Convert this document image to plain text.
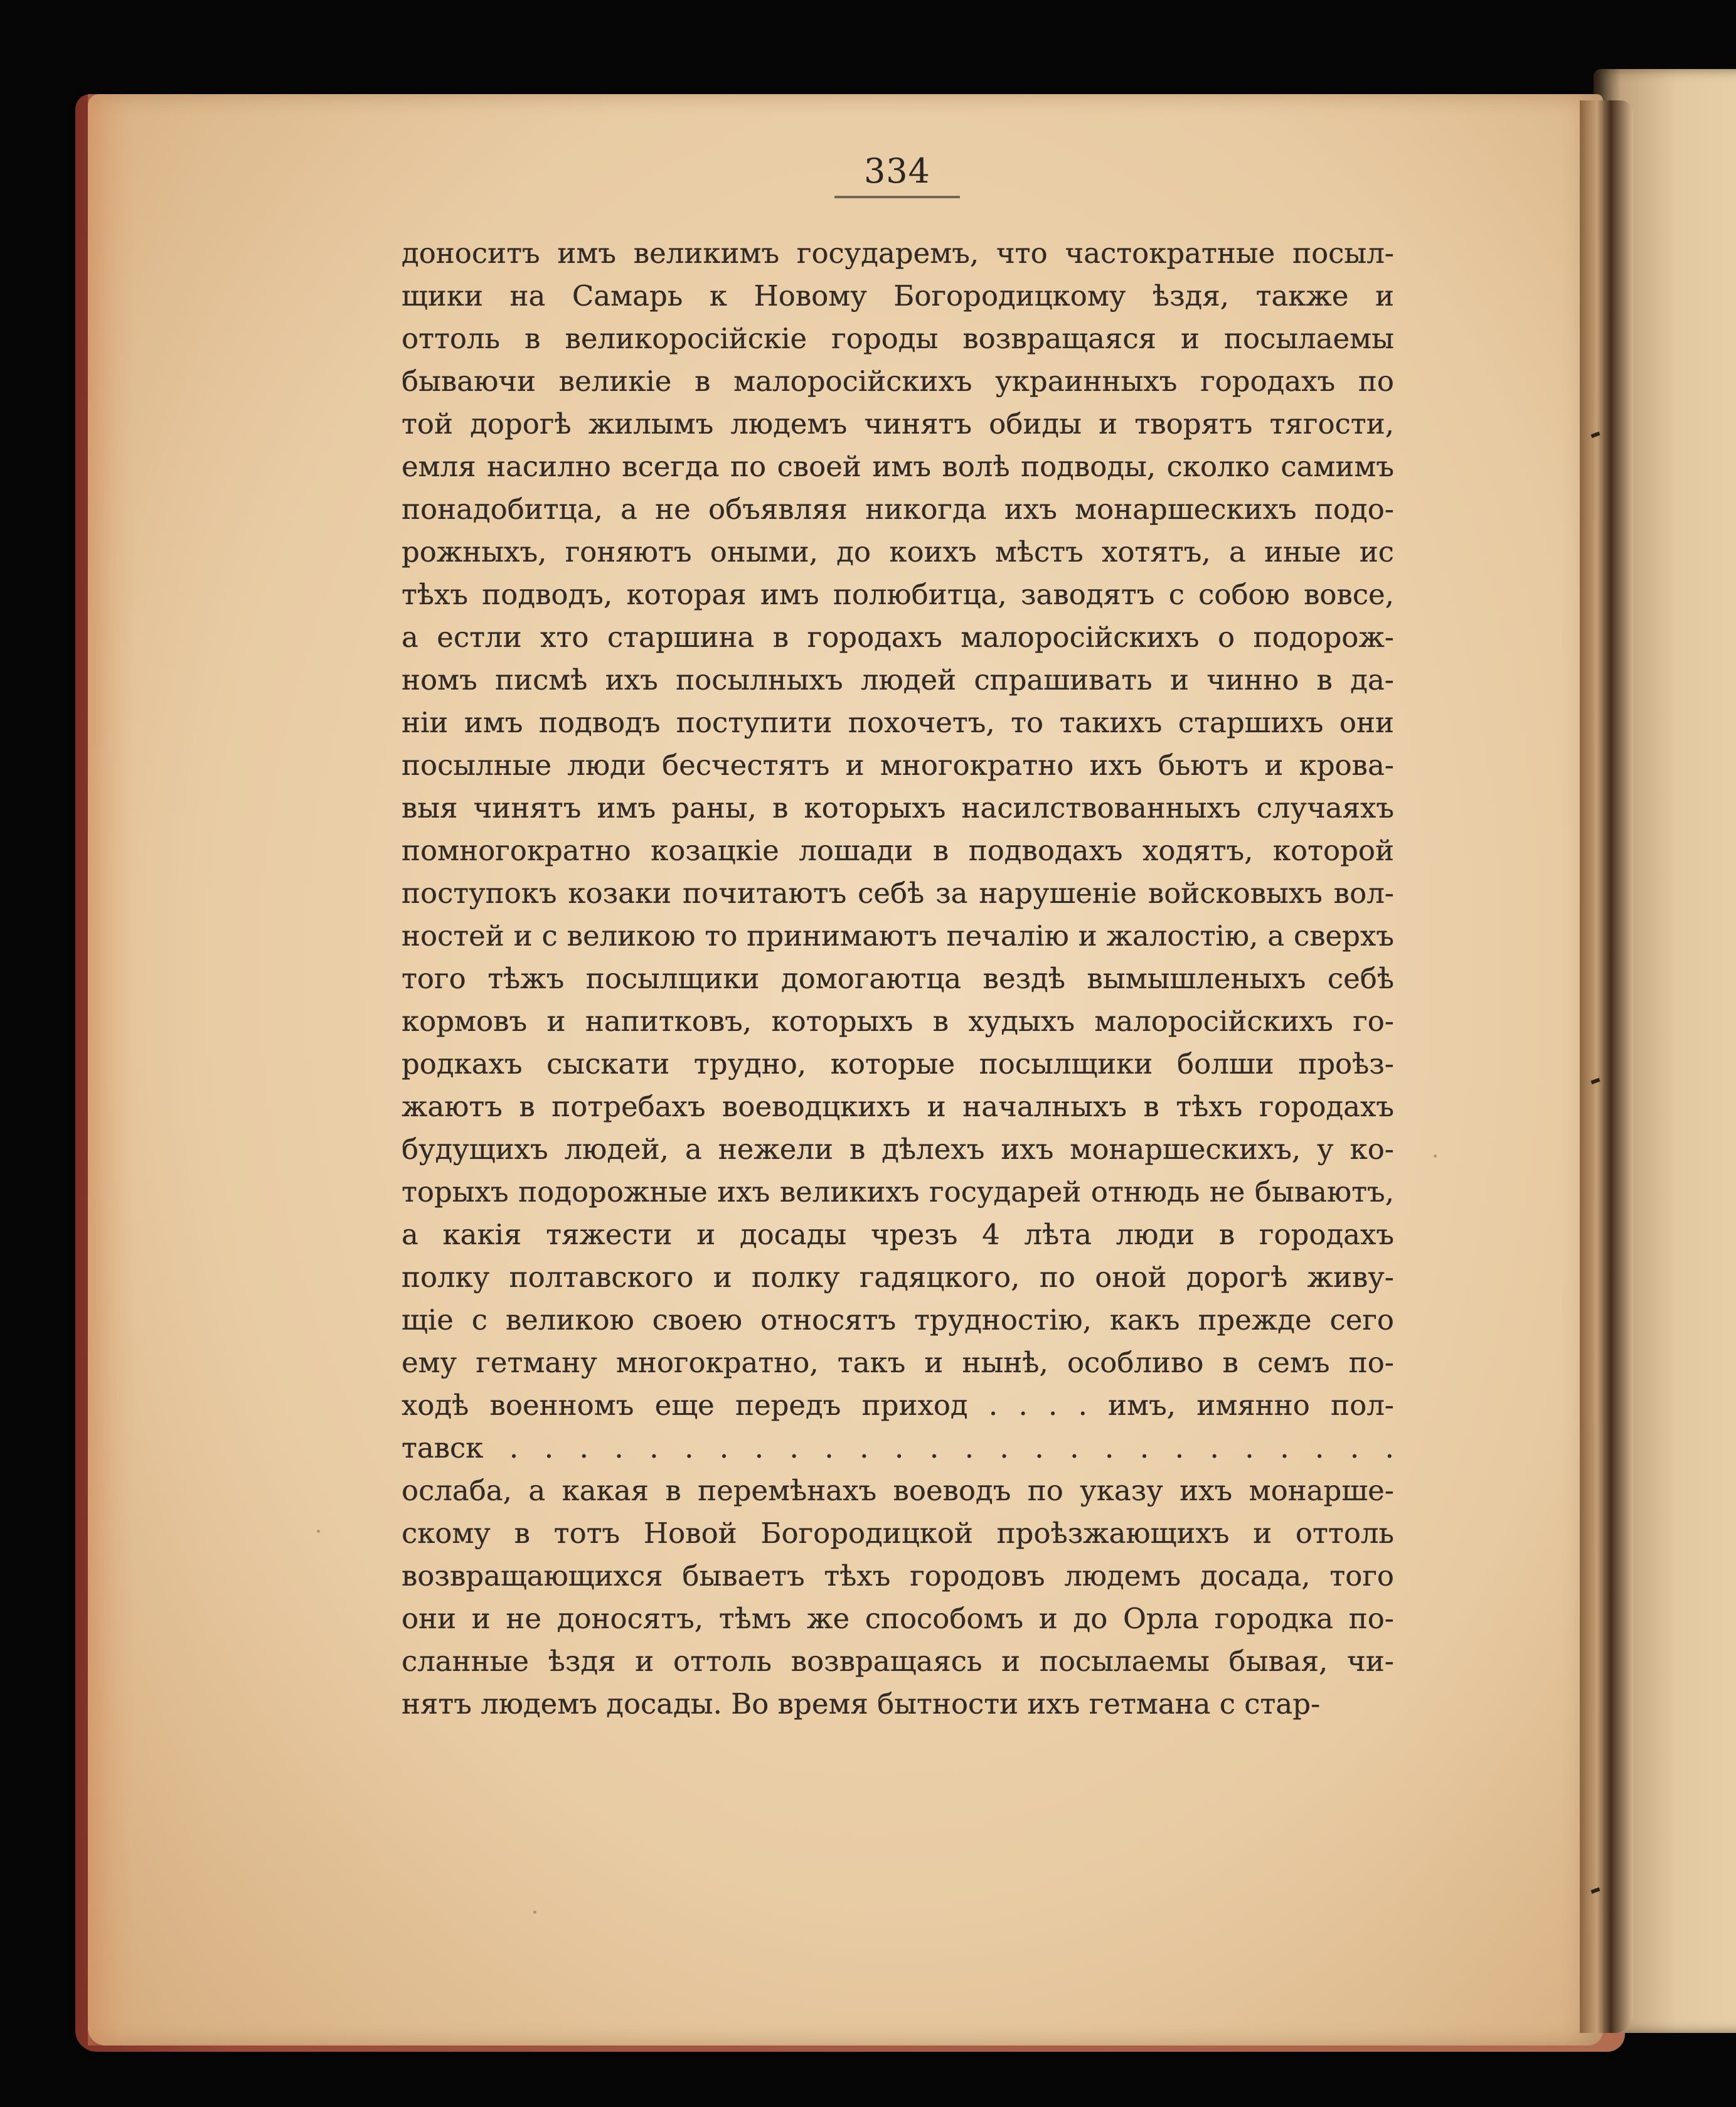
334
доноситъ имъ великимъ государемъ, что частократные посыл-
щики на Самарь к Новому Богородицкому ѣздя, также и
оттоль в великоросійскіе городы возвращаяся и посылаемы
бываючи великіе в малоросійскихъ украинныхъ городахъ по
той дорогѣ жилымъ людемъ чинятъ обиды и творятъ тягости,
емля насилно всегда по своей имъ волѣ подводы, сколко самимъ
понадобитца, а не объявляя никогда ихъ монаршескихъ подо-
рожныхъ, гоняютъ оными, до коихъ мѣстъ хотятъ, а иные ис
тѣхъ подводъ, которая имъ полюбитца, заводятъ с собою вовсе,
а естли хто старшина в городахъ малоросійскихъ о подорож-
номъ писмѣ ихъ посылныхъ людей спрашивать и чинно в да-
ніи имъ подводъ поступити похочетъ, то такихъ старшихъ они
посылные люди бесчестятъ и многократно ихъ бьютъ и крова-
выя чинятъ имъ раны, в которыхъ насилствованныхъ случаяхъ
помногократно козацкіе лошади в подводахъ ходятъ, которой
поступокъ козаки почитаютъ себѣ за нарушеніе войсковыхъ вол-
ностей и с великою то принимаютъ печалію и жалостію, а сверхъ
того тѣжъ посылщики домогаютца вездѣ вымышленыхъ себѣ
кормовъ и напитковъ, которыхъ в худыхъ малоросійскихъ го-
родкахъ сыскати трудно, которые посылщики болши проѣз-
жаютъ в потребахъ воеводцкихъ и началныхъ в тѣхъ городахъ
будущихъ людей, а нежели в дѣлехъ ихъ монаршескихъ, у ко-
торыхъ подорожные ихъ великихъ государей отнюдь не бываютъ,
а какія тяжести и досады чрезъ 4 лѣта люди в городахъ
полку полтавского и полку гадяцкого, по оной дорогѣ живу-
щіе с великою своею относятъ трудностію, какъ прежде сего
ему гетману многократно, такъ и нынѣ, особливо в семъ по-
ходѣ военномъ еще передъ приход . . . . имъ, имянно пол-
тавск . . . . . . . . . . . . . . . . . . . . . . . . . .
ослаба, а какая в перемѣнахъ воеводъ по указу ихъ монарше-
скому в тотъ Новой Богородицкой проѣзжающихъ и оттоль
возвращающихся бываетъ тѣхъ городовъ людемъ досада, того
они и не доносятъ, тѣмъ же способомъ и до Орла городка по-
сланные ѣздя и оттоль возвращаясь и посылаемы бывая, чи-
нятъ людемъ досады. Во время бытности ихъ гетмана с стар-
